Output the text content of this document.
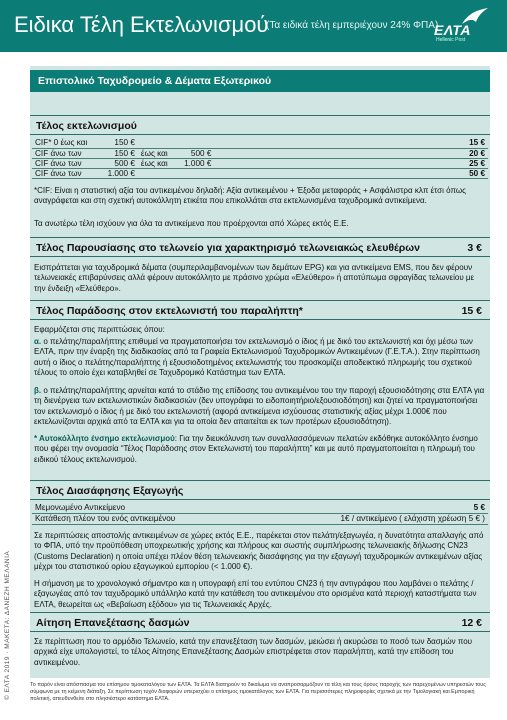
Ειδικα Τέλη Εκτελωνισμού
(Τα ειδικά τέλη εμπεριέχουν 24% ΦΠΑ)
ΕΛΤΑ
Hellenic Post
Επιστολικό Ταχυδρομείο & Δέματα Εξωτερικού
Τέλος εκτελωνισμού
CIF* 0 έως και	150 €			15 €
CIF άνω των	150 €	έως και	500 €	20 €
CIF άνω των	500 €	έως και	1.000 €	25 €
CIF άνω των	1.000 €			50 €
*CIF: Είναι η στατιστική αξία του αντικειμένου δηλαδή: Αξία αντικειμένου + Έξοδα μεταφοράς + Ασφάλιστρα κλπ έτσι όπως αναγράφεται και στη σχετική αυτοκόλλητη ετικέτα που επικολλάται στα εκτελωνισμένα ταχυδρομικά αντικείμενα.
Τα ανωτέρω τέλη ισχύουν για όλα τα αντικείμενα που προέρχονται από Χώρες εκτός Ε.Ε.
Τέλος Παρουσίασης στο τελωνείο για χαρακτηρισμό τελωνειακώς ελευθέρων	3 €
Εισπράττεται για ταχυδρομικά δέματα (συμπεριλαμβανομένων των δεμάτων EPG) και για αντικείμενα EMS, που δεν φέρουν τελωνειακές επιβαρύνσεις αλλά φέρουν αυτοκόλλητο με πράσινο χρώμα «Ελεύθερο» ή αποτύπωμα σφραγίδας τελωνείου με την ένδειξη «Ελεύθερο».
Τέλος Παράδοσης στον εκτελωνιστή του παραλήπτη*	15 €
Εφαρμόζεται στις περιπτώσεις όπου:
α. ο πελάτης/παραλήπτης επιθυμεί να πραγματοποιήσει τον εκτελωνισμό ο ίδιος ή με δικό του εκτελωνιστή και όχι μέσω των ΕΛΤΑ, πριν την έναρξη της διαδικασίας από τα Γραφεία Εκτελωνισμού Ταχυδρομικών Αντικειμένων (Γ.Ε.Τ.Α.). Στην περίπτωση αυτή ο ίδιος ο πελάτης/παραλήπτης ή εξουσιοδοτημένος εκτελωνιστής του προσκομίζει αποδεικτικό πληρωμής του σχετικού τέλους το οποίο έχει καταβληθεί σε Ταχυδρομικό Κατάστημα των ΕΛΤΑ.
β. ο πελάτης/παραλήπτης αρνείται κατά το στάδιο της επίδοσης του αντικειμένου του την παροχή εξουσιοδότησης στα ΕΛΤΑ για τη διενέργεια των εκτελωνιστικών διαδικασιών (δεν υπογράφει το ειδοποιητήριο/εξουσιοδότηση) και ζητεί να πραγματοποιήσει τον εκτελωνισμό ο ίδιος ή με δικό του εκτελωνιστή (αφορά αντικείμενα ισχύουσας στατιστικής αξίας μέχρι 1.000€ που εκτελωνίζονται αρχικά από τα ΕΛΤΑ και για τα οποία δεν απαιτείται εκ των προτέρων εξουσιοδότηση).
* Αυτοκόλλητο ένσημο εκτελωνισμού: Για την διευκόλυνση των συναλλασσόμενων πελατών εκδόθηκε αυτοκόλλητο ένσημο που φέρει την ονομασία “Τέλος Παράδοσης στον Εκτελωνιστή του παραλήπτη” και με αυτό πραγματοποιείται η πληρωμή του ειδικού τέλους εκτελωνισμού.
Τέλος Διασάφησης Εξαγωγής
Μεμονωμένο Αντικείμενο	5 €
Κατάθεση πλέον του ενός αντικειμένου	1€ / αντικείμενο ( ελάχιστη χρέωση 5 € )
Σε περιπτώσεις αποστολής αντικειμένων σε χώρες εκτός Ε.Ε., παρέκεται στον πελάτη/εξαγωγέα, η δυνατότητα απαλλαγής από το ΦΠΑ, υπό την προϋπόθεση υποχρεωτικής χρήσης και πλήρους και σωστής συμπλήρωσης τελωνειακής δήλωσης CN23 (Customs Declaration) η οποία υπέχει πλέον θέση τελωνειακής διασάφησης για την εξαγωγή ταχυδρομικών αντικειμένων αξίας μέχρι του στατιστικού ορίου εξαγωγικού εμπορίου (< 1.000 €).
Η σήμανση με το χρονολογικό σήμαντρο και η υπογραφή επί του εντύπου CN23 ή την αντιγράφου που λαμβάνει ο πελάτης / εξαγωγέας από τον ταχυδρομικό υπάλληλο κατά την κατάθεση του αντικειμένου στο ορισμένα κατά περιοχή καταστήματα των ΕΛΤΑ, θεωρείται ως «Βεβαίωση εξόδου» για τις Τελωνειακές Αρχές.
Αίτηση Επανεξέτασης δασμών	12 €
Σε περίπτωση που το αρμόδιο Τελωνείο, κατά την επανεξέταση των δασμών, μειώσει ή ακυρώσει το ποσό των δασμών που αρχικά είχε υπολογιστεί, το τέλος Αίτησης Επανεξέτασης Δασμών επιστρέφεται στον παραλήπτη, κατά την επίδοση του αντικειμένου.
© ΕΛΤΑ 2019 · ΜΑΚΕΤΑ: ΔΑΝΕΖΗ ΜΕΛΑΝΙΑ	Το παρόν είναι απόσπασμα του επίσημου τιμοκαταλόγου των ΕΛΤΑ. Τα ΕΛΤΑ διατηρούν το δικαίωμα να αναπροσαρμόζουν τα τέλη και τους όρους παροχής των παρεχομένων υπηρεσιών τους σύμφωνα με τη κείμενη διάταξη. Σε περίπτωση τυχόν διαφορών υπερισχύει ο επίσημος τιμοκατάλογος των ΕΛΤΑ. Για περισσότερες πληροφορίες σχετικά με την Τιμολογιακή και Εμπορική πολιτική, απευθυνθείτε στο πλησιέστερο κατάστημα ΕΛΤΑ.
